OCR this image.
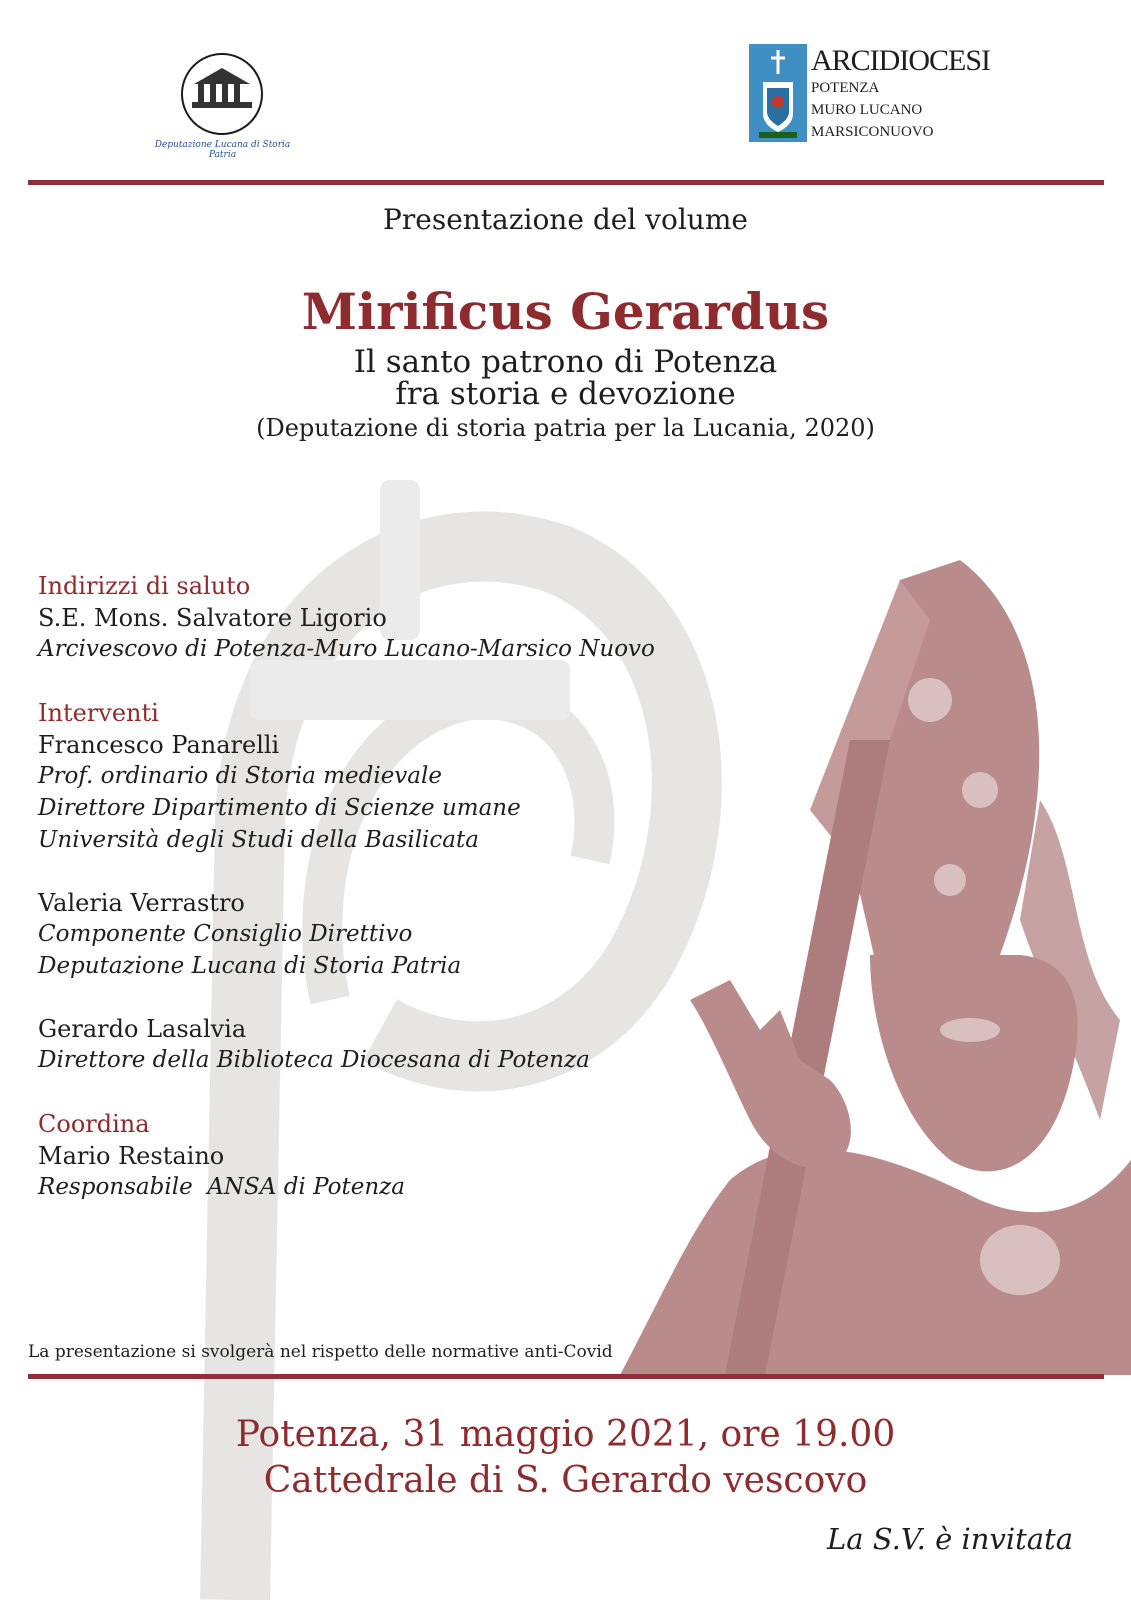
Deputazione Lucana di Storia Patria
ARCIDIOCESI
POTENZA
MURO LUCANO
MARSICONUOVO
Presentazione del volume
Mirificus Gerardus
Il santo patrono di Potenza
fra storia e devozione
(Deputazione di storia patria per la Lucania, 2020)
Indirizzi di saluto
S.E. Mons. Salvatore Ligorio
Arcivescovo di Potenza-Muro Lucano-Marsico Nuovo
Interventi
Francesco Panarelli
Prof. ordinario di Storia medievale
Direttore Dipartimento di Scienze umane
Università degli Studi della Basilicata
Valeria Verrastro
Componente Consiglio Direttivo
Deputazione Lucana di Storia Patria
Gerardo Lasalvia
Direttore della Biblioteca Diocesana di Potenza
Coordina
Mario Restaino
Responsabile  ANSA di Potenza
La presentazione si svolgerà nel rispetto delle normative anti-Covid
Potenza, 31 maggio 2021, ore 19.00
Cattedrale di S. Gerardo vescovo
La S.V. è invitata
